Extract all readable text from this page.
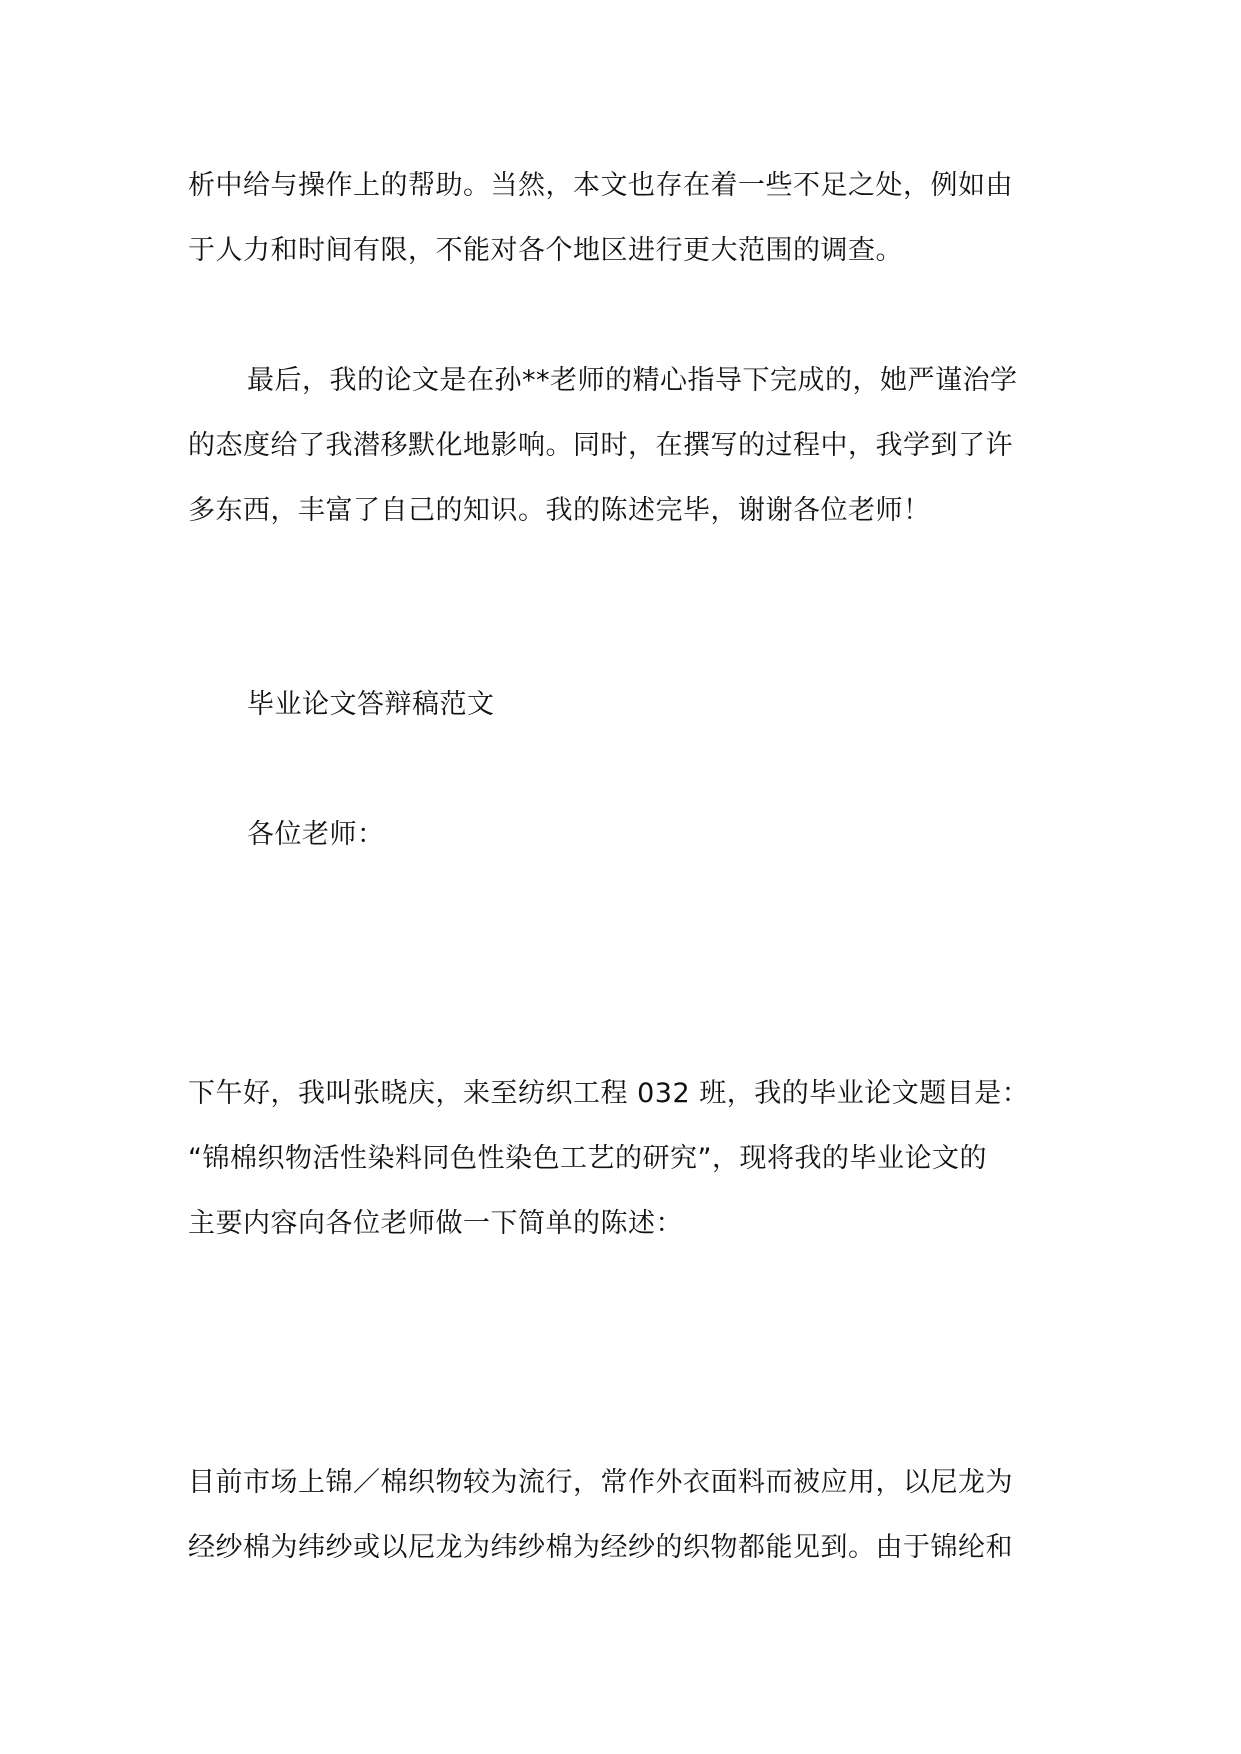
析中给与操作上的帮助。当然，本文也存在着一些不足之处，例如由
于人力和时间有限，不能对各个地区进行更大范围的调查。
最后，我的论文是在孙**老师的精心指导下完成的，她严谨治学
的态度给了我潜移默化地影响。同时，在撰写的过程中，我学到了许
多东西，丰富了自己的知识。我的陈述完毕，谢谢各位老师！
毕业论文答辩稿范文
各位老师：
下午好，我叫张晓庆，来至纺织工程 032 班，我的毕业论文题目是：
“锦棉织物活性染料同色性染色工艺的研究”，现将我的毕业论文的
主要内容向各位老师做一下简单的陈述：
目前市场上锦／棉织物较为流行，常作外衣面料而被应用，以尼龙为
经纱棉为纬纱或以尼龙为纬纱棉为经纱的织物都能见到。由于锦纶和
